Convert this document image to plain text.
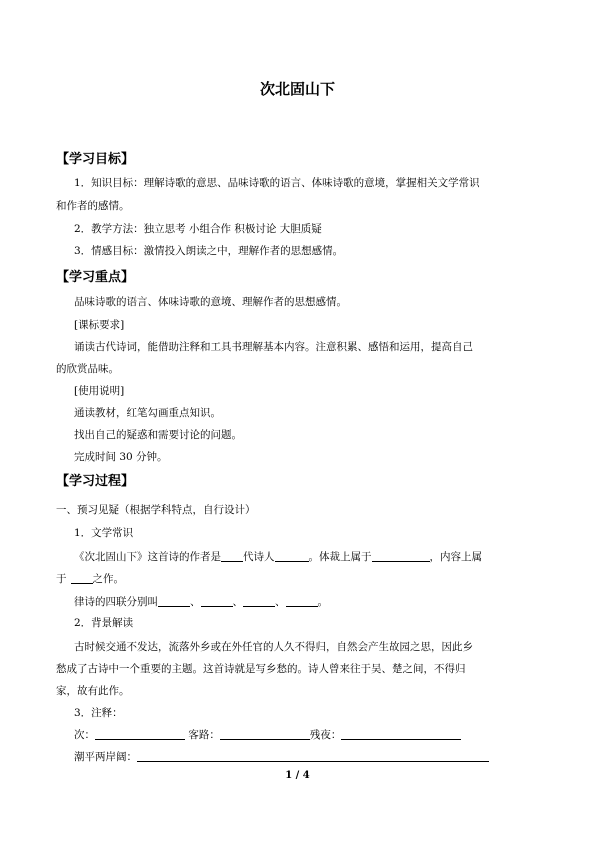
次北固山下
【学习目标】
1．知识目标：理解诗歌的意思、品味诗歌的语言、体味诗歌的意境，掌握相关文学常识
和作者的感情。
2．教学方法：独立思考 小组合作 积极讨论 大胆质疑
3．情感目标：激情投入朗读之中，理解作者的思想感情。
【学习重点】
品味诗歌的语言、体味诗歌的意境、理解作者的思想感情。
[课标要求]
诵读古代诗词，能借助注释和工具书理解基本内容。注意积累、感悟和运用，提高自己
的欣赏品味。
[使用说明]
通读教材，红笔勾画重点知识。
找出自己的疑惑和需要讨论的问题。
完成时间 30 分钟。
【学习过程】
一、预习见疑（根据学科特点，自行设计）
1．文学常识
《次北固山下》这首诗的作者是 代诗人	。体裁上属于	，内容上属
于 之作。
律诗的四联分别叫	、	、	、	。
2．背景解读
古时候交通不发达，流落外乡或在外任官的人久不得归，自然会产生故园之思，因此乡
愁成了古诗中一个重要的主题。这首诗就是写乡愁的。诗人曾来往于吴、楚之间，不得归
家，故有此作。
3．注释：
次：	客路：	残夜：
潮平两岸阔：
1 / 4
